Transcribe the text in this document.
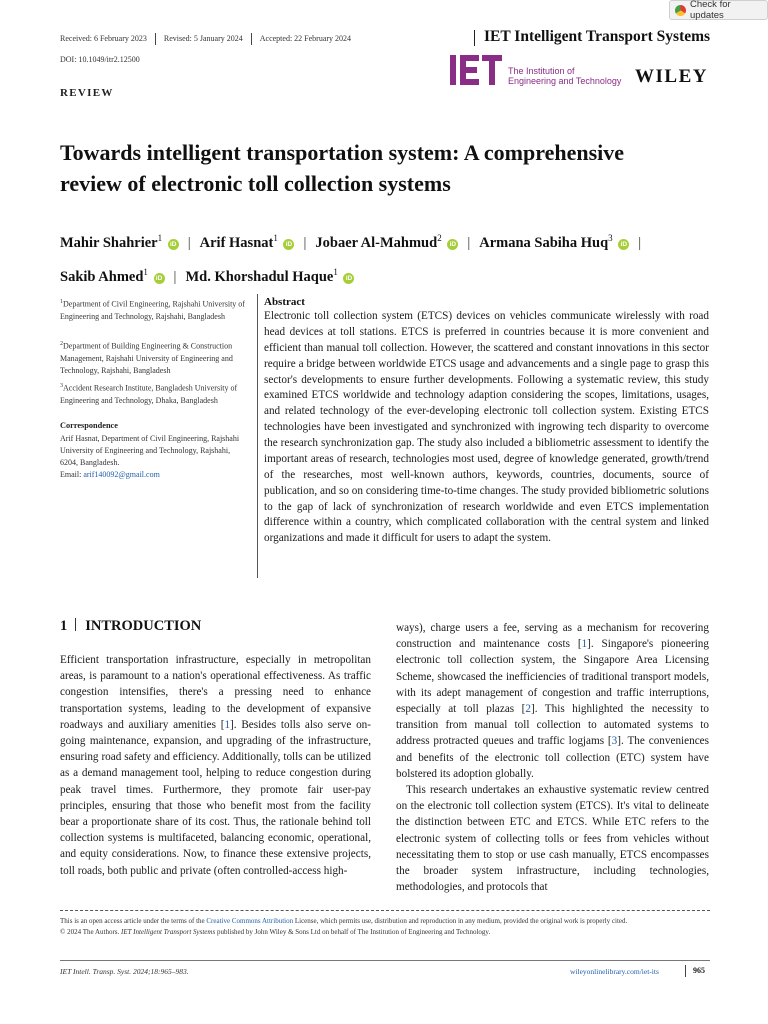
Check for updates
Received: 6 February 2023 Revised: 5 January 2024 Accepted: 22 February 2024
DOI: 10.1049/itr2.12500
IET Intelligent Transport Systems
The Institution of
Engineering and Technology WILEY
REVIEW
Towards intelligent transportation system: A comprehensive
review of electronic toll collection systems
Mahir Shahrier$^1$ iD | Arif Hasnat$^1$ iD | Jobaer Al-Mahmud$^2$ iD | Armana Sabiha Huq$^3$ iD |
Sakib Ahmed$^1$ iD | Md. Khorshadul Haque$^1$ iD
$^1$Department of Civil Engineering, Rajshahi University of Engineering and Technology, Rajshahi, Bangladesh
$^2$Department of Building Engineering & Construction Management, Rajshahi University of Engineering and Technology, Rajshahi, Bangladesh
$^3$Accident Research Institute, Bangladesh University of Engineering and Technology, Dhaka, Bangladesh
Correspondence
Arif Hasnat, Department of Civil Engineering, Rajshahi University of Engineering and Technology, Rajshahi, 6204, Bangladesh.
Email: arif140092@gmail.com
Abstract
Electronic toll collection system (ETCS) devices on vehicles communicate wirelessly with road head devices at toll stations. ETCS is preferred in countries because it is more convenient and efficient than manual toll collection. However, the scattered and constant innovations in this sector require a bridge between worldwide ETCS usage and advancements and a single page to grasp this sector's developments to ensure further developments. Following a systematic review, this study examined ETCS worldwide and technology adaption considering the scopes, limitations, usages, and related technology of the ever-developing electronic toll collection system. Existing ETCS technologies have been investigated and synchronized with ingrowing tech disparity to overcome the research synchronization gap. The study also included a bibliometric assessment to identify the important areas of research, technologies most used, degree of knowledge generated, growth/trend of the researches, most well-known authors, keywords, countries, documents, source of publication, and so on considering time-to-time changes. The study provided bibliometric solutions to the gap of lack of synchronization of research worldwide and even ETCS implementation difference within a country, which complicated collaboration with the central system and linked organizations and made it difficult for users to adapt the system.
1 INTRODUCTION

Efficient transportation infrastructure, especially in metropolitan areas, is paramount to a nation's operational effectiveness. As traffic congestion intensifies, there's a pressing need to enhance transportation systems, leading to the development of expansive roadways and auxiliary amenities [1]. Besides tolls also serve on-going maintenance, expansion, and upgrading of the infrastructure, ensuring road safety and efficiency. Additionally, tolls can be utilized as a demand management tool, helping to reduce congestion during peak travel times. Furthermore, they promote fair user-pay principles, ensuring that those who benefit most from the facility bear a proportionate share of its cost. Thus, the rationale behind toll collection systems is multifaceted, balancing economic, operational, and equity considerations. Now, to finance these extensive projects, toll roads, both public and private (often controlled-access high-

ways), charge users a fee, serving as a mechanism for recovering construction and maintenance costs [1]. Singapore's pioneering electronic toll collection system, the Singapore Area Licensing Scheme, showcased the inefficiencies of traditional transport models, with its adept management of congestion and traffic interruptions, especially at toll plazas [2]. This highlighted the necessity to transition from manual toll collection to automated systems to address protracted queues and traffic logjams [3]. The conveniences and benefits of the electronic toll collection (ETC) system have bolstered its adoption globally.

This research undertakes an exhaustive systematic review centred on the electronic toll collection system (ETCS). It's vital to delineate the distinction between ETC and ETCS. While ETC refers to the electronic system of collecting tolls or fees from vehicles without necessitating them to stop or use cash manually, ETCS encompasses the broader system infrastructure, including technologies, methodologies, and protocols that

This is an open access article under the terms of the Creative Commons Attribution License, which permits use, distribution and reproduction in any medium, provided the original work is properly cited.
© 2024 The Authors. IET Intelligent Transport Systems published by John Wiley & Sons Ltd on behalf of The Institution of Engineering and Technology.
IET Intell. Transp. Syst. 2024;18:965–983.	wileyonlinelibrary.com/iet-its	965
